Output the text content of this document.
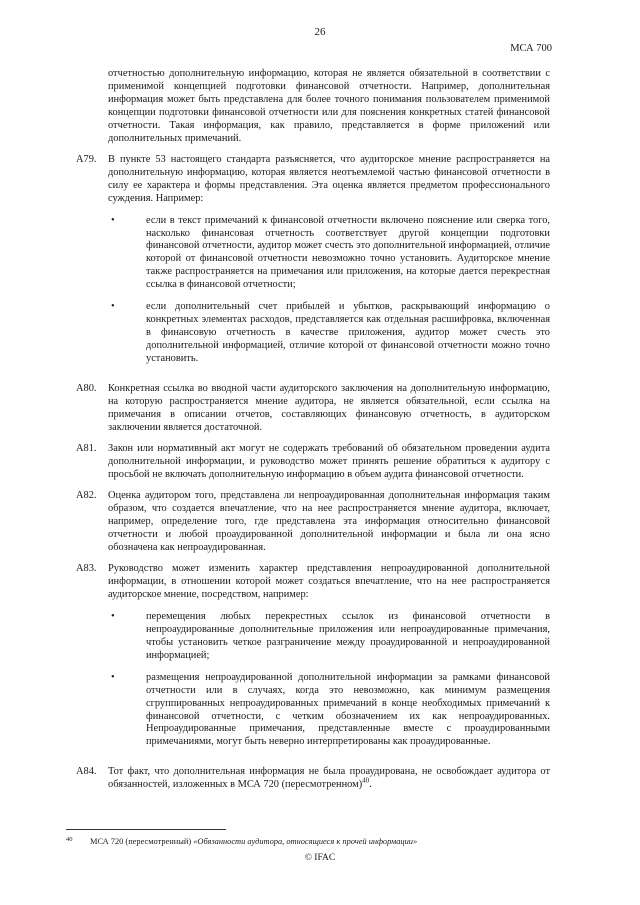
26
МСА 700

отчетностью дополнительную информацию, которая не является обязательной в соответствии с применимой концепцией подготовки финансовой отчетности. Например, дополнительная информация может быть представлена для более точного понимания пользователем применимой концепции подготовки финансовой отчетности или для пояснения конкретных статей финансовой отчетности. Такая информация, как правило, представляется в форме приложений или дополнительных примечаний.

A79.	В пункте 53 настоящего стандарта разъясняется, что аудиторское мнение распространяется на дополнительную информацию, которая является неотъемлемой частью финансовой отчетности в силу ее характера и формы представления. Эта оценка является предметом профессионального суждения. Например:
•	если в текст примечаний к финансовой отчетности включено пояснение или сверка того, насколько финансовая отчетность соответствует другой концепции подготовки финансовой отчетности, аудитор может счесть это дополнительной информацией, отличие которой от финансовой отчетности невозможно точно установить. Аудиторское мнение также распространяется на примечания или приложения, на которые дается перекрестная ссылка в финансовой отчетности;
•	если дополнительный счет прибылей и убытков, раскрывающий информацию о конкретных элементах расходов, представляется как отдельная расшифровка, включенная в финансовую отчетность в качестве приложения, аудитор может счесть это дополнительной информацией, отличие которой от финансовой отчетности можно точно установить.
A80.	Конкретная ссылка во вводной части аудиторского заключения на дополнительную информацию, на которую распространяется мнение аудитора, не является обязательной, если ссылка на примечания в описании отчетов, составляющих финансовую отчетность, в аудиторском заключении является достаточной.
A81.	Закон или нормативный акт могут не содержать требований об обязательном проведении аудита дополнительной информации, и руководство может принять решение обратиться к аудитору с просьбой не включать дополнительную информацию в объем аудита финансовой отчетности.
A82.	Оценка аудитором того, представлена ли непроаудированная дополнительная информация таким образом, что создается впечатление, что на нее распространяется мнение аудитора, включает, например, определение того, где представлена эта информация относительно финансовой отчетности и любой проаудированной дополнительной информации и была ли она ясно обозначена как непроаудированная.
A83.	Руководство может изменить характер представления непроаудированной дополнительной информации, в отношении которой может создаться впечатление, что на нее распространяется аудиторское мнение, посредством, например:
•	перемещения любых перекрестных ссылок из финансовой отчетности в непроаудированные дополнительные приложения или непроаудированные примечания, чтобы установить четкое разграничение между проаудированной и непроаудированной информацией;
•	размещения непроаудированной дополнительной информации за рамками финансовой отчетности или в случаях, когда это невозможно, как минимум размещения сгруппированных непроаудированных примечаний в конце необходимых примечаний к финансовой отчетности, с четким обозначением их как непроаудированных. Непроаудированные примечания, представленные вместе с проаудированными примечаниями, могут быть неверно интерпретированы как проаудированные.
A84.	Тот факт, что дополнительная информация не была проаудирована, не освобождает аудитора от обязанностей, изложенных в МСА 720 (пересмотренном)$^{40}$.
40	МСА 720 (пересмотренный) «Обязанности аудитора, относящиеся к прочей информации»
© IFAC
